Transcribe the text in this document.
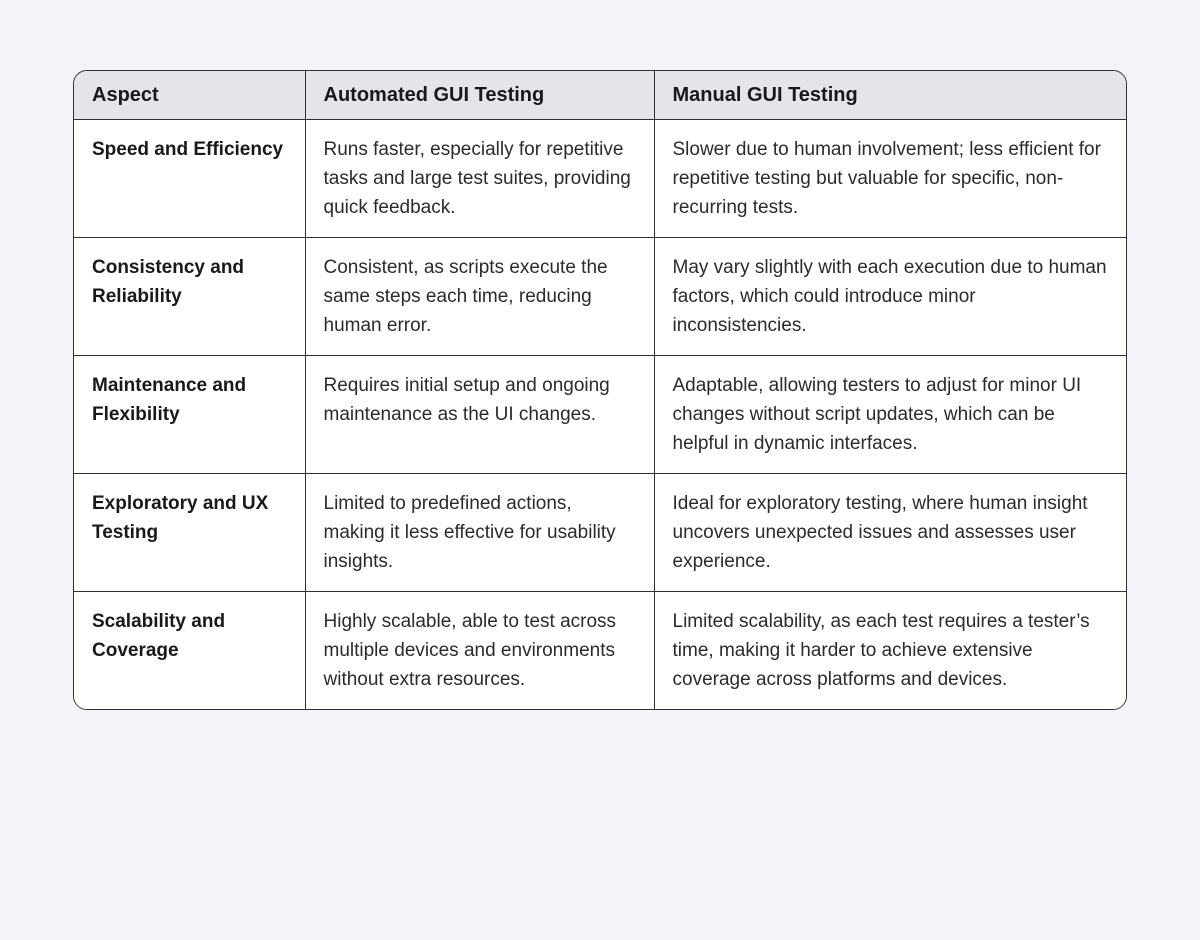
Aspect	Automated GUI Testing	Manual GUI Testing
Speed and Efficiency	Runs faster, especially for repetitive tasks and large test suites, providing quick feedback.	Slower due to human involvement; less efficient for repetitive testing but valuable for specific, non-recurring tests.
Consistency and Reliability	Consistent, as scripts execute the same steps each time, reducing human error.	May vary slightly with each execution due to human factors, which could introduce minor inconsistencies.
Maintenance and Flexibility	Requires initial setup and ongoing maintenance as the UI changes.	Adaptable, allowing testers to adjust for minor UI changes without script updates, which can be helpful in dynamic interfaces.
Exploratory and UX Testing	Limited to predefined actions, making it less effective for usability insights.	Ideal for exploratory testing, where human insight uncovers unexpected issues and assesses user experience.
Scalability and Coverage	Highly scalable, able to test across multiple devices and environments without extra resources.	Limited scalability, as each test requires a tester’s time, making it harder to achieve extensive coverage across platforms and devices.
